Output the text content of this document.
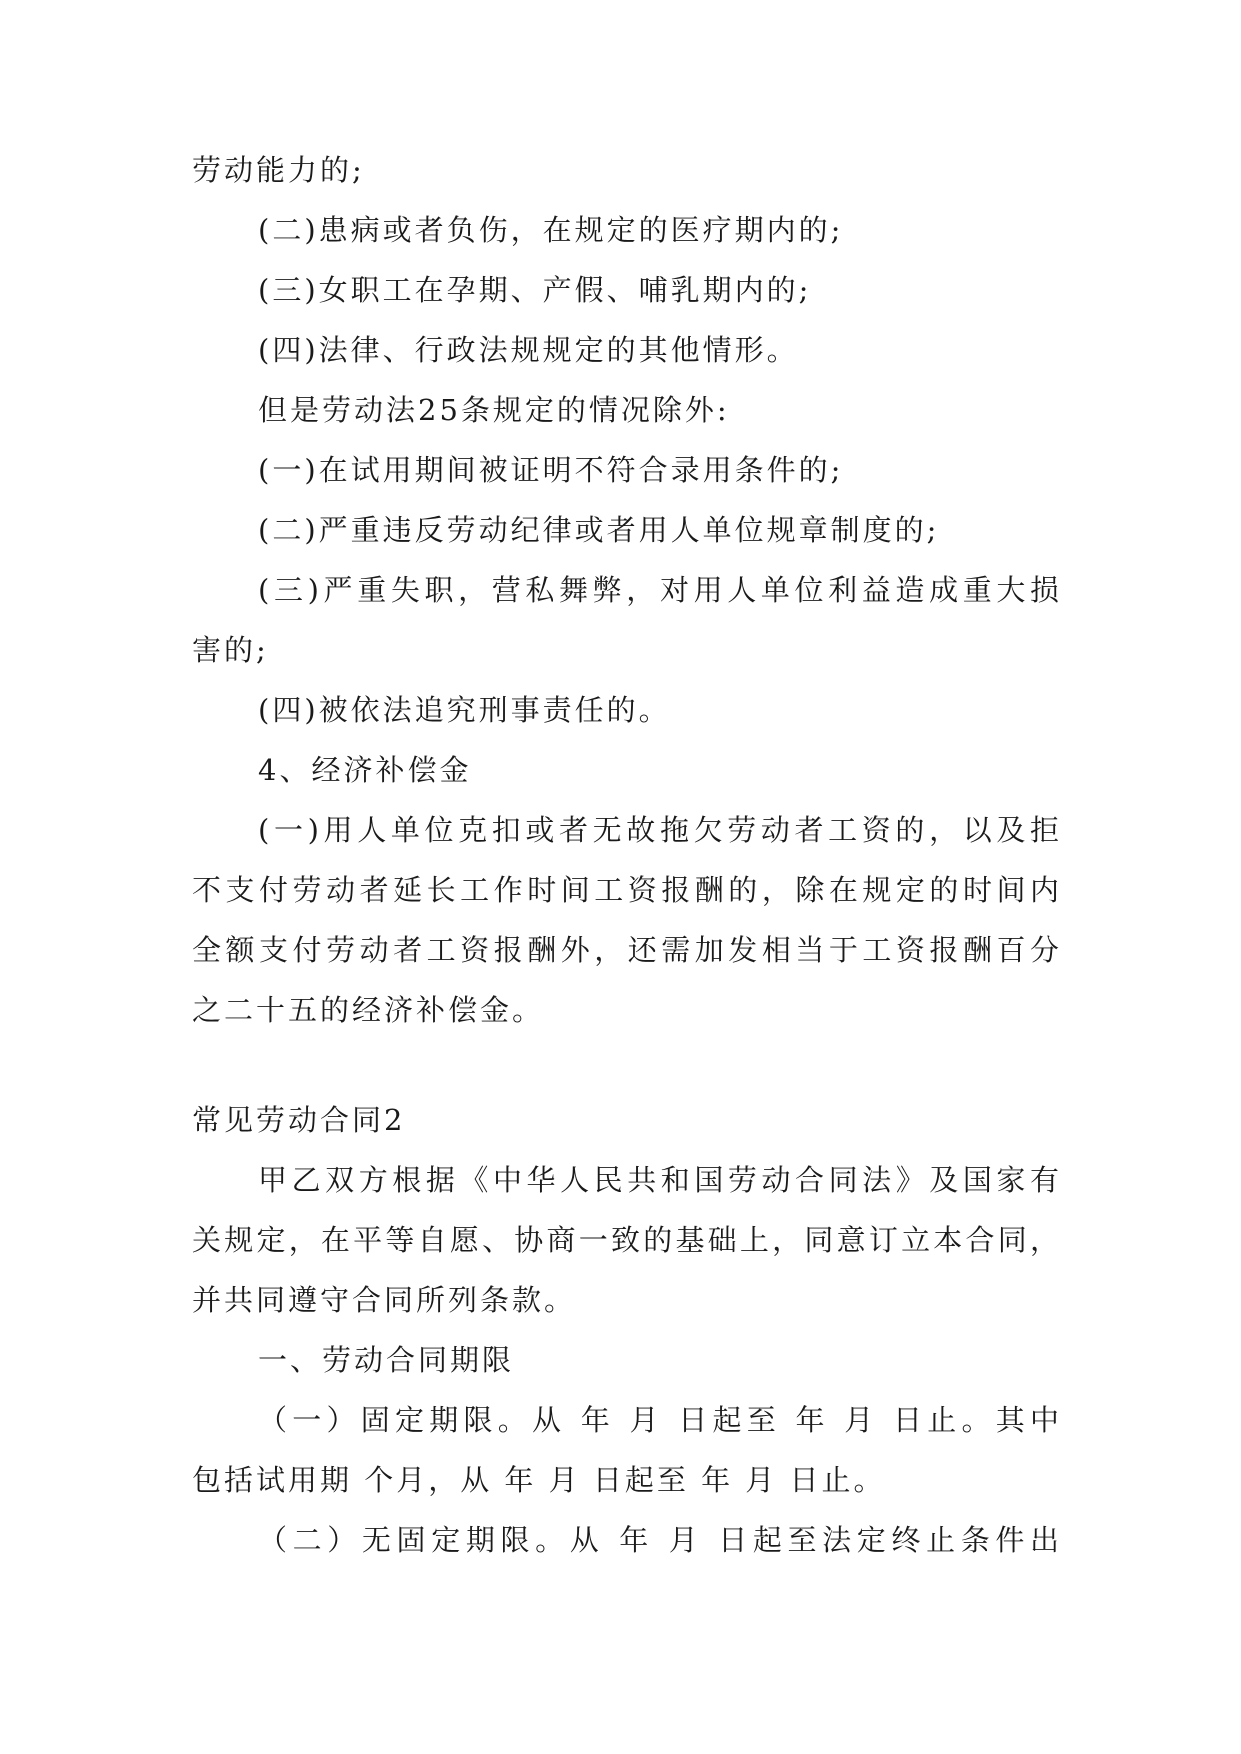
劳动能力的;
(二)患病或者负伤，在规定的医疗期内的;
(三)女职工在孕期、产假、哺乳期内的;
(四)法律、行政法规规定的其他情形。
但是劳动法25条规定的情况除外:
(一)在试用期间被证明不符合录用条件的;
(二)严重违反劳动纪律或者用人单位规章制度的;
(三)严重失职，营私舞弊，对用人单位利益造成重大损
害的;
(四)被依法追究刑事责任的。
4、经济补偿金
(一)用人单位克扣或者无故拖欠劳动者工资的，以及拒
不支付劳动者延长工作时间工资报酬的，除在规定的时间内
全额支付劳动者工资报酬外，还需加发相当于工资报酬百分
之二十五的经济补偿金。
常见劳动合同2
甲乙双方根据《中华人民共和国劳动合同法》及国家有
关规定，在平等自愿、协商一致的基础上，同意订立本合同，
并共同遵守合同所列条款。
一、劳动合同期限
（一）固定期限。从 年 月 日起至 年 月 日止。其中
包括试用期 个月，从 年 月 日起至 年 月 日止。
（二）无固定期限。从 年 月 日起至法定终止条件出
